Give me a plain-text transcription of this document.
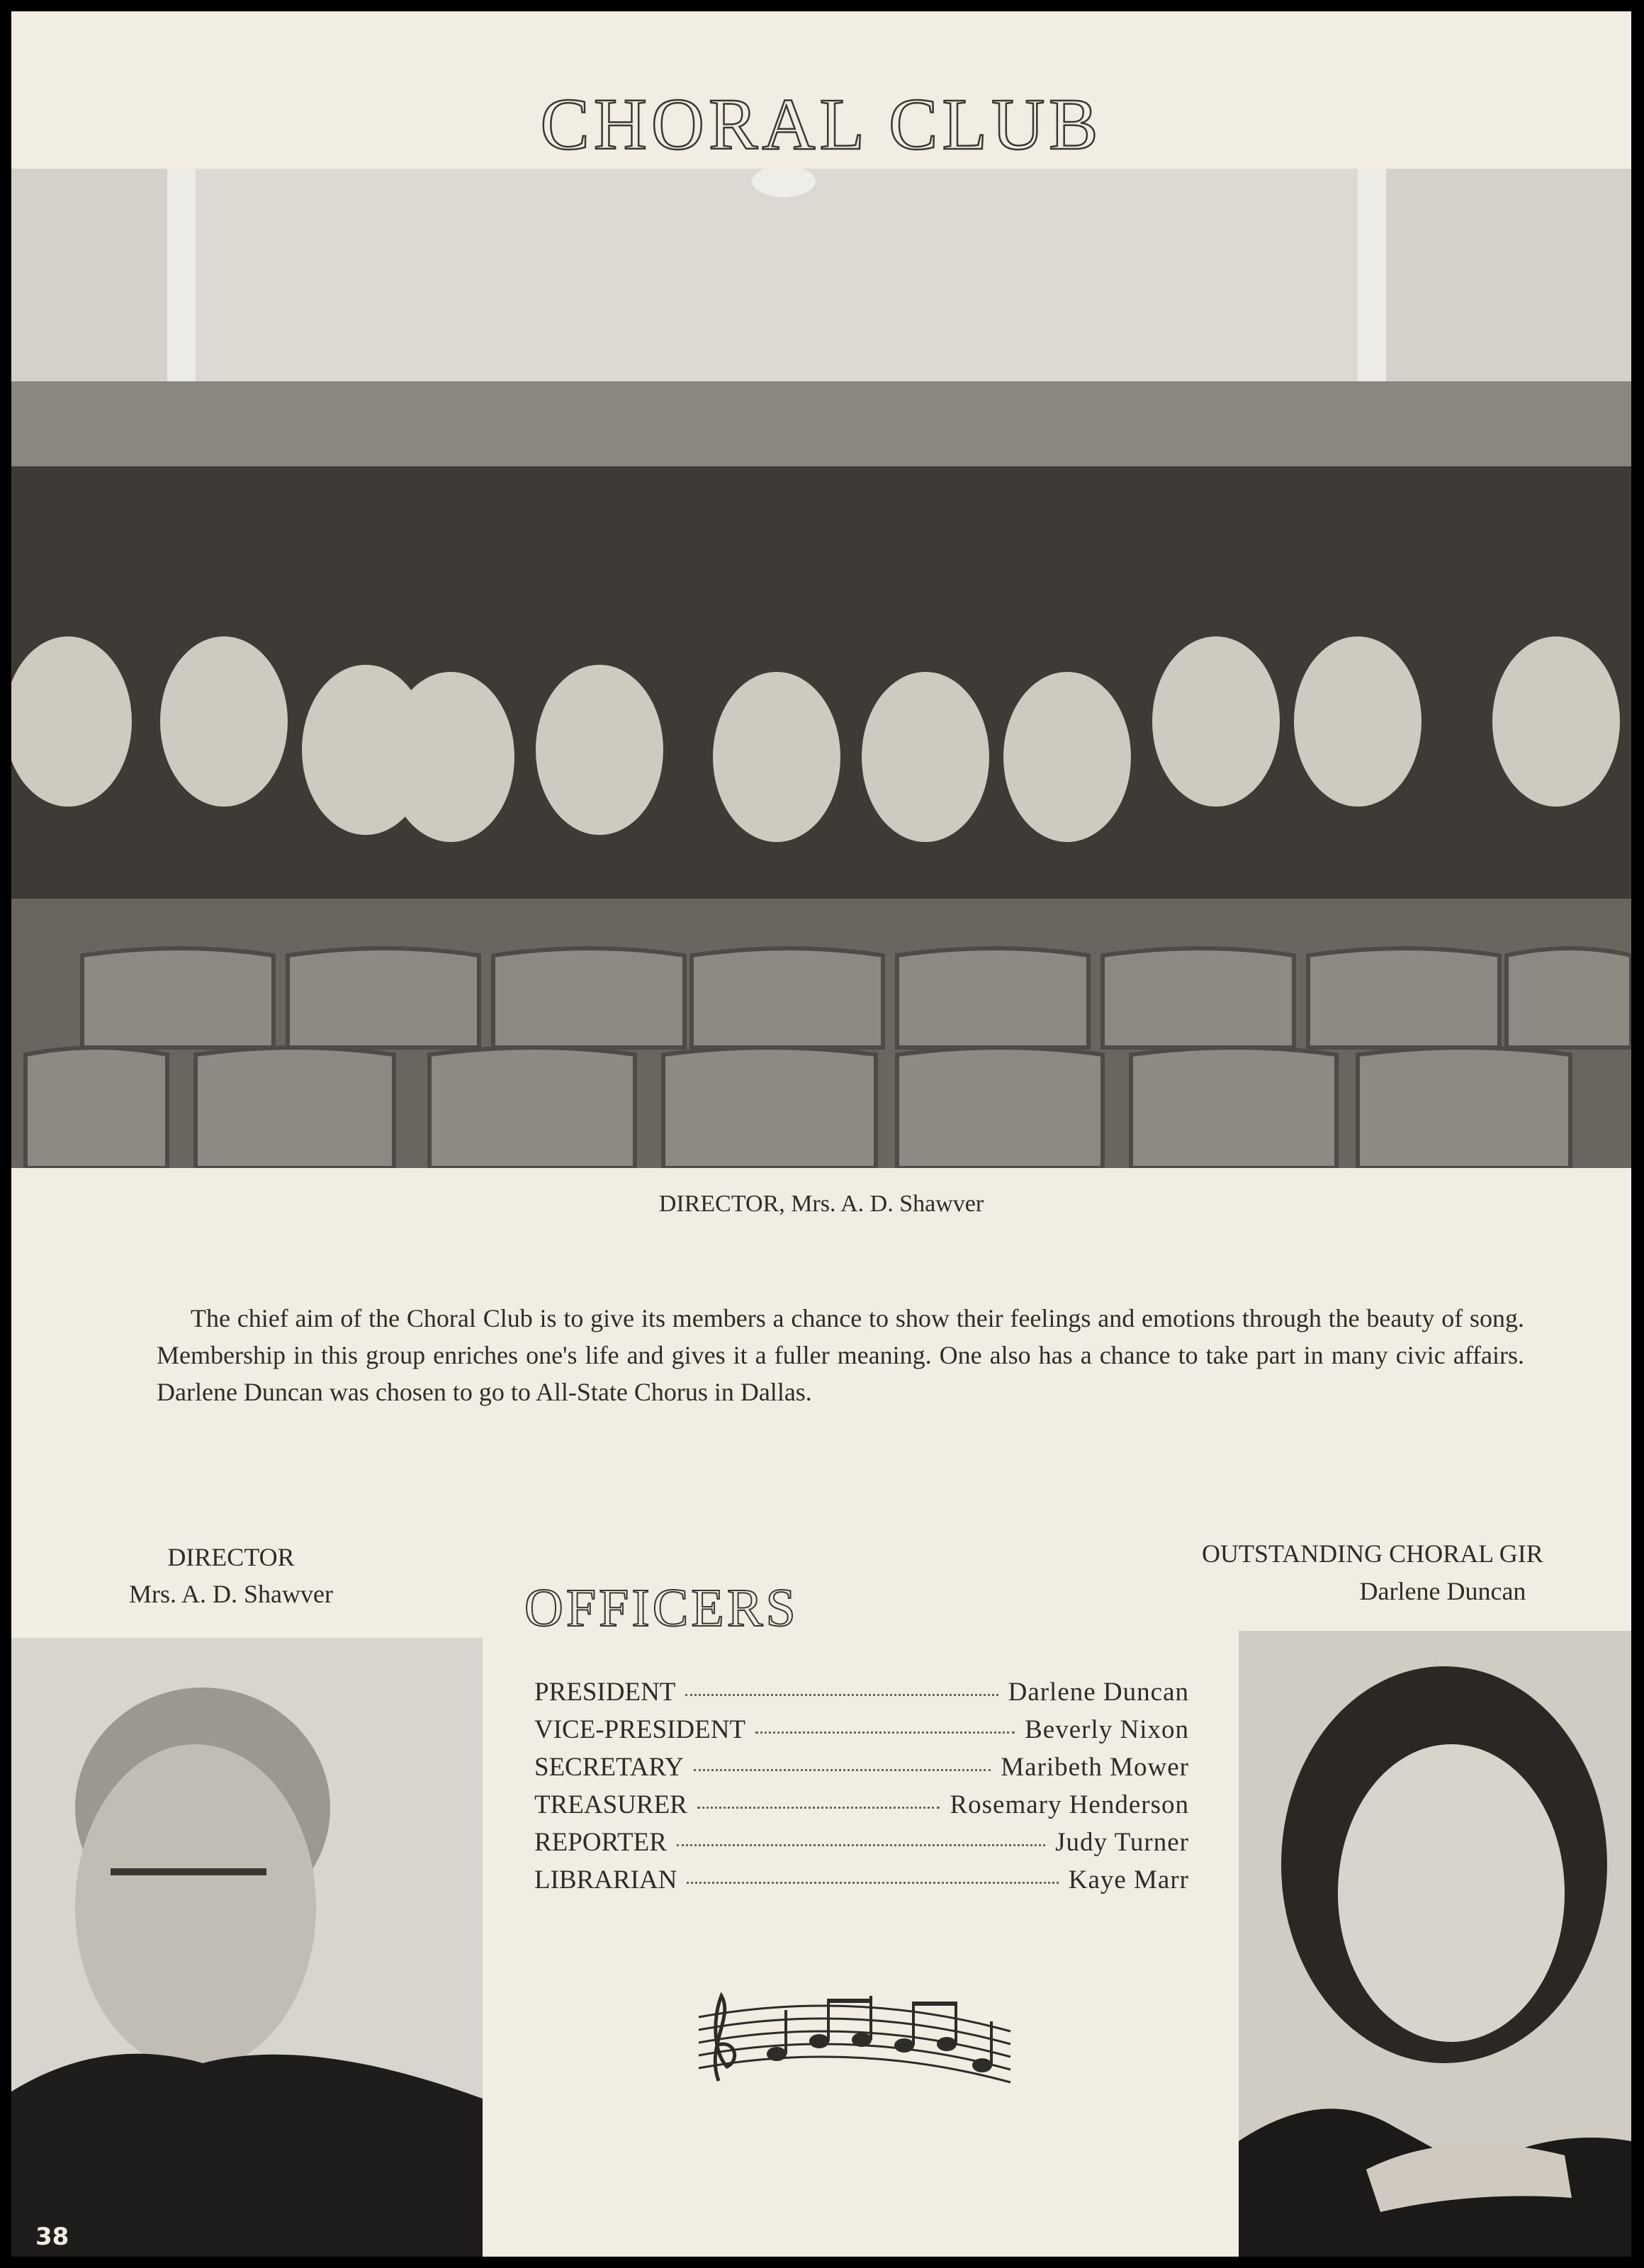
CHORAL CLUB
DIRECTOR, Mrs. A. D. Shawver

The chief aim of the Choral Club is to give its members a chance to show their feelings and emotions through the beauty of song. Membership in this group enriches one's life and gives it a fuller meaning. One also has a chance to take part in many civic affairs. Darlene Duncan was chosen to go to All-State Chorus in Dallas.

DIRECTOR
Mrs. A. D. Shawver	OFFICERS
PRESIDENT	Darlene Duncan
VICE-PRESIDENT	Beverly Nixon
SECRETARY	Maribeth Mower
TREASURER	Rosemary Henderson
REPORTER	Judy Turner
LIBRARIAN	Kaye Marr
OUTSTANDING CHORAL GIR
Darlene Duncan
38
